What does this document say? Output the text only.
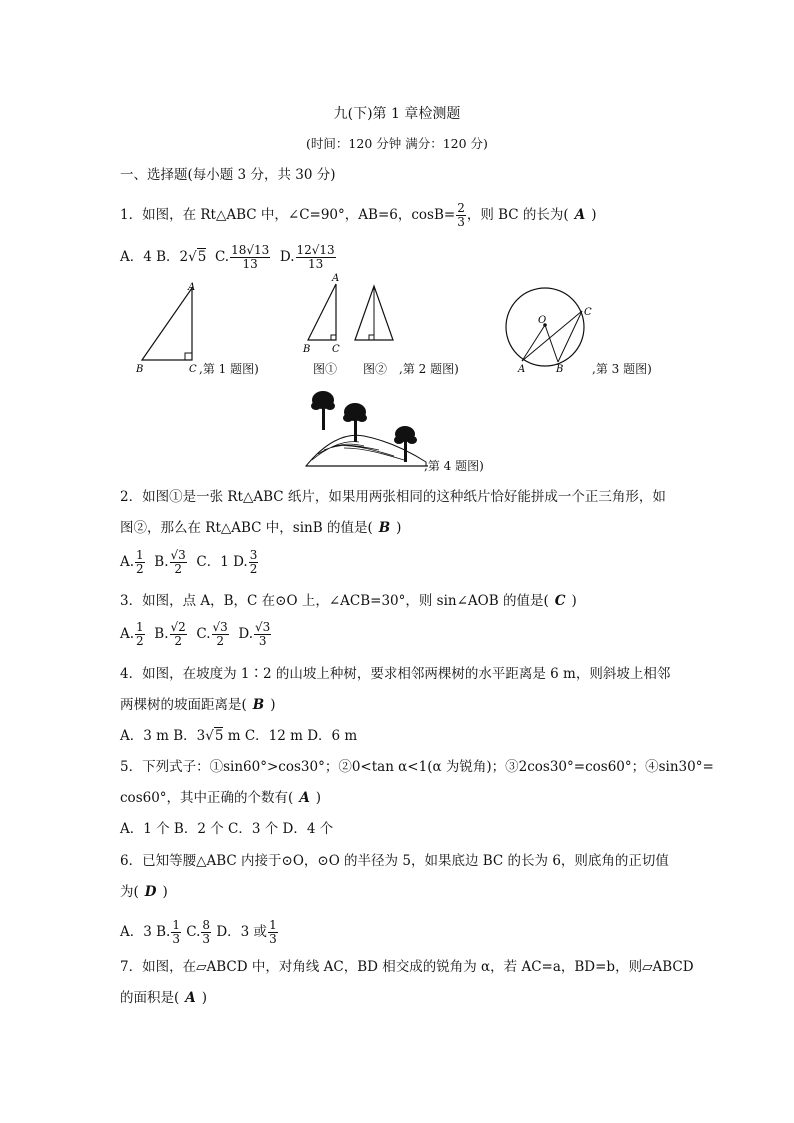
九(下)第 1 章检测题
(时间：120 分钟 满分：120 分)
一、选择题(每小题 3 分，共 30 分)
1．如图，在 Rt△ABC 中，∠C=90°，AB=6，$\cos B= \frac{2}{3}$ ，则 BC 的长为( A )
A．4 B．2√5 C. $\frac{18√13}{13} D$. $\frac{12√13}{13}$
A
B	C ,第 1 题图)
A
B C
图① 图② ,第 2 题图)
O
A	B
C
,第 3 题图)
,第 4 题图)
2．如图①是一张 Rt△ABC 纸片，如果用两张相同的这种纸片恰好能拼成一个正三角形，如
图②，那么在 Rt△ABC 中，sinB 的值是( B )
A. $\frac{1}{2} B$. $\frac{√3}{2}$ C．1 D. $\frac{3}{2}$
3．如图，点 A，B，C 在⊙O 上，∠ACB=30°，则 sin∠AOB 的值是( C )
A. $\frac{1}{2} B$. $\frac{√2}{2} C$. $\frac{√3}{2} D$. $\frac{√3}{3}$
4．如图，在坡度为 1∶2 的山坡上种树，要求相邻两棵树的水平距离是 6 m，则斜坡上相邻
两棵树的坡面距离是( B )
A．3 m B．3√5 m C．12 m D．6 m
5．下列式子：①sin60°>cos30°；②0<tan α<1(α 为锐角)；③2cos30°=cos60°；④sin30°=
cos60°，其中正确的个数有( A )
A．1 个 B．2 个 C．3 个 D．4 个
6．已知等腰△ABC 内接于⊙O，⊙O 的半径为 5，如果底边 BC 的长为 6，则底角的正切值
为( D )
A．3 B. $\frac{1}{3} C$. $\frac{8}{3}$ D．3 或 $\frac{1}{3}$
7．如图，在▱ABCD 中，对角线 AC，BD 相交成的锐角为 α，若 AC=a，BD=b，则▱ABCD
的面积是( A )
